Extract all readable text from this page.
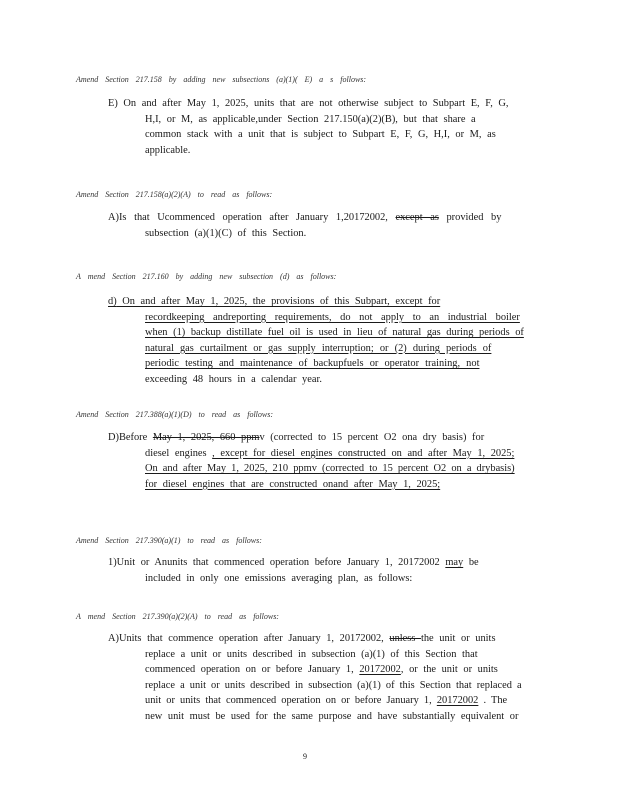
Amend Section 217.158 by adding new subsections (a)(1)( E) a s follows:
E) On and after May 1, 2025, units that are not otherwise subject to Subpart E, F, G,
H,I, or M, as applicable,under Section 217.150(a)(2)(B), but that share a
common stack with a unit that is subject to Subpart E, F, G, H,I, or M, as
applicable.
Amend Section 217.158(a)(2)(A) to read as follows:
A)Is that Ucommenced operation after January 1,20172002, except as provided by
subsection (a)(1)(C) of this Section.
A mend Section 217.160 by adding new subsection (d) as follows:
d) On and after May 1, 2025, the provisions of this Subpart, except for
recordkeeping andreporting requirements, do not apply to an industrial boiler
when (1) backup distillate fuel oil is used in lieu of natural gas during periods of
natural gas curtailment or gas supply interruption; or (2) during periods of
periodic testing and maintenance of backupfuels or operator training, not
exceeding 48 hours in a calendar year.
Amend Section 217.388(a)(1)(D) to read as follows:
D)Before May 1, 2025, 660 ppmv (corrected to 15 percent O2 ona dry basis) for
diesel engines , except for diesel engines constructed on and after May 1, 2025;
On and after May 1, 2025, 210 ppmv (corrected to 15 percent O2 on a drybasis)
for diesel engines that are constructed onand after May 1, 2025;
Amend Section 217.390(a)(1) to read as follows:
1)Unit or Anunits that commenced operation before January 1, 20172002 may be
included in only one emissions averaging plan, as follows:
A mend Section 217.390(a)(2)(A) to read as follows:
A)Units that commence operation after January 1, 20172002, unless the unit or units
replace a unit or units described in subsection (a)(1) of this Section that
commenced operation on or before January 1, 20172002, or the unit or units
replace a unit or units described in subsection (a)(1) of this Section that replaced a
unit or units that commenced operation on or before January 1, 20172002 . The
new unit must be used for the same purpose and have substantially equivalent or
9
